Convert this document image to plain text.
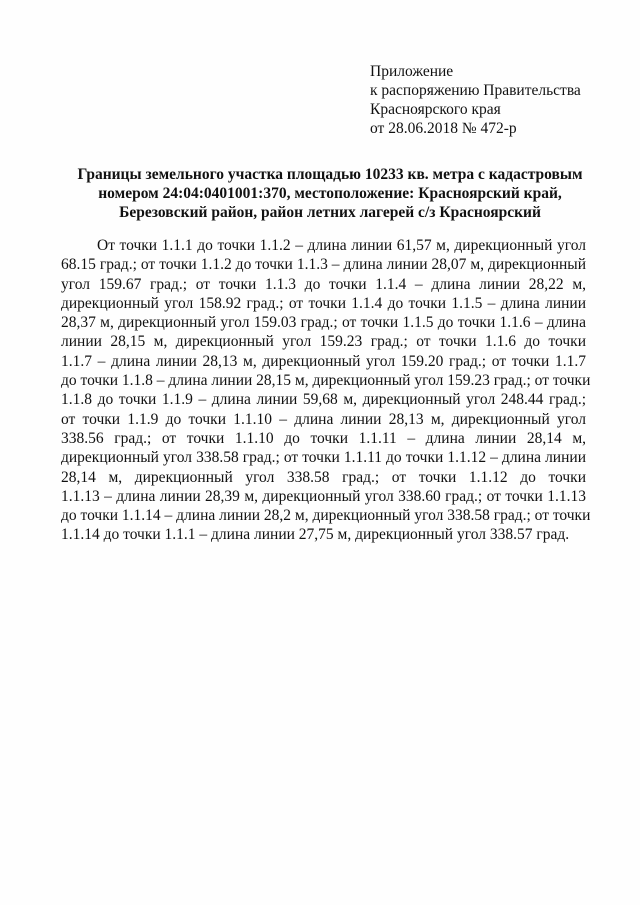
Приложение
к распоряжению Правительства
Красноярского края
от 28.06.2018 № 472-р
Границы земельного участка площадью 10233 кв. метра с кадастровым
номером 24:04:0401001:370, местоположение: Красноярский край,
Березовский район, район летних лагерей с/з Красноярский
От точки 1.1.1 до точки 1.1.2 – длина линии 61,57 м, дирекционный угол
68.15 град.; от точки 1.1.2 до точки 1.1.3 – длина линии 28,07 м, дирекционный
угол 159.67 град.; от точки 1.1.3 до точки 1.1.4 – длина линии 28,22 м,
дирекционный угол 158.92 град.; от точки 1.1.4 до точки 1.1.5 – длина линии
28,37 м, дирекционный угол 159.03 град.; от точки 1.1.5 до точки 1.1.6 – длина
линии 28,15 м, дирекционный угол 159.23 град.; от точки 1.1.6 до точки
1.1.7 – длина линии 28,13 м, дирекционный угол 159.20 град.; от точки 1.1.7
до точки 1.1.8 – длина линии 28,15 м, дирекционный угол 159.23 град.; от точки
1.1.8 до точки 1.1.9 – длина линии 59,68 м, дирекционный угол 248.44 град.;
от точки 1.1.9 до точки 1.1.10 – длина линии 28,13 м, дирекционный угол
338.56 град.; от точки 1.1.10 до точки 1.1.11 – длина линии 28,14 м,
дирекционный угол 338.58 град.; от точки 1.1.11 до точки 1.1.12 – длина линии
28,14 м, дирекционный угол 338.58 град.; от точки 1.1.12 до точки
1.1.13 – длина линии 28,39 м, дирекционный угол 338.60 град.; от точки 1.1.13
до точки 1.1.14 – длина линии 28,2 м, дирекционный угол 338.58 град.; от точки
1.1.14 до точки 1.1.1 – длина линии 27,75 м, дирекционный угол 338.57 град.
